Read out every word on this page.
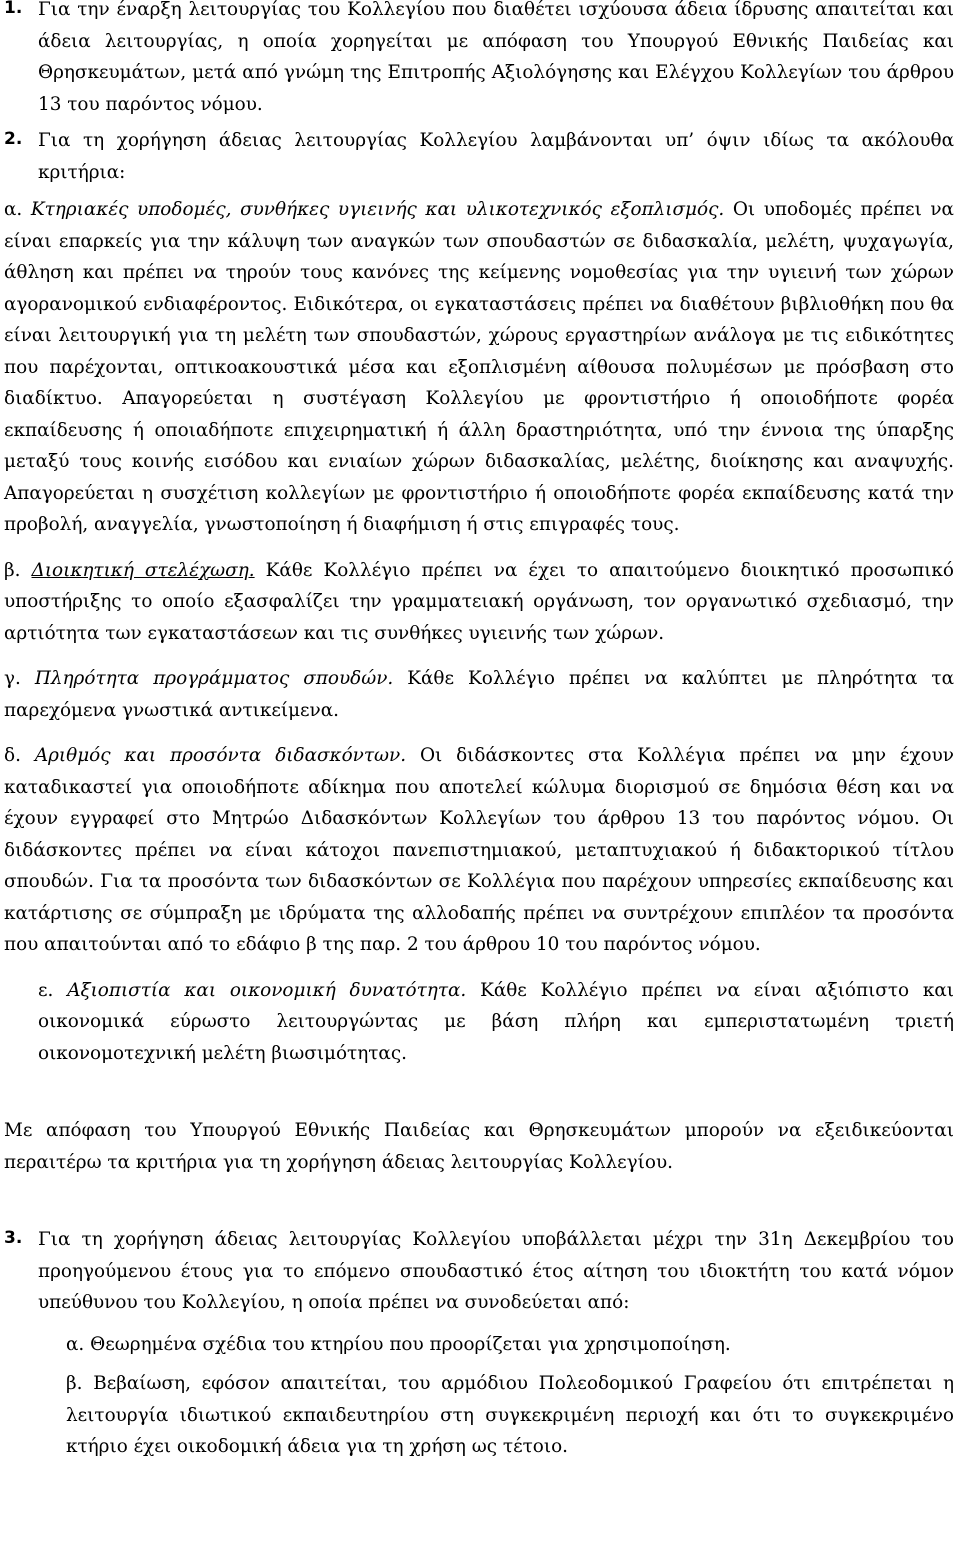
1. Για την έναρξη λειτουργίας του Κολλεγίου που διαθέτει ισχύουσα άδεια ίδρυσης απαιτείται και άδεια λειτουργίας, η οποία χορηγείται με απόφαση του Υπουργού Εθνικής Παιδείας και Θρησκευμάτων, μετά από γνώμη της Επιτροπής Αξιολόγησης και Ελέγχου Κολλεγίων του άρθρου 13 του παρόντος νόμου.

2. Για τη χορήγηση άδειας λειτουργίας Κολλεγίου λαμβάνονται υπ’ όψιν ιδίως τα ακόλουθα κριτήρια:

α. Κτηριακές υποδομές, συνθήκες υγιεινής και υλικοτεχνικός εξοπλισμός. Οι υποδομές πρέπει να είναι επαρκείς για την κάλυψη των αναγκών των σπουδαστών σε διδασκαλία, μελέτη, ψυχαγωγία, άθληση και πρέπει να τηρούν τους κανόνες της κείμενης νομοθεσίας για την υγιεινή των χώρων αγορανομικού ενδιαφέροντος. Ειδικότερα, οι εγκαταστάσεις πρέπει να διαθέτουν βιβλιοθήκη που θα είναι λειτουργική για τη μελέτη των σπουδαστών, χώρους εργαστηρίων ανάλογα με τις ειδικότητες που παρέχονται, οπτικοακουστικά μέσα και εξοπλισμένη αίθουσα πολυμέσων με πρόσβαση στο διαδίκτυο. Απαγορεύεται η συστέγαση Κολλεγίου με φροντιστήριο ή οποιοδήποτε φορέα εκπαίδευσης ή οποιαδήποτε επιχειρηματική ή άλλη δραστηριότητα, υπό την έννοια της ύπαρξης μεταξύ τους κοινής εισόδου και ενιαίων χώρων διδασκαλίας, μελέτης, διοίκησης και αναψυχής. Απαγορεύεται η συσχέτιση κολλεγίων με φροντιστήριο ή οποιοδήποτε φορέα εκπαίδευσης κατά την προβολή, αναγγελία, γνωστοποίηση ή διαφήμιση ή στις επιγραφές τους.

β. Διοικητική στελέχωση. Κάθε Κολλέγιο πρέπει να έχει το απαιτούμενο διοικητικό προσωπικό υποστήριξης το οποίο εξασφαλίζει την γραμματειακή οργάνωση, τον οργανωτικό σχεδιασμό, την αρτιότητα των εγκαταστάσεων και τις συνθήκες υγιεινής των χώρων.

γ. Πληρότητα προγράμματος σπουδών. Κάθε Κολλέγιο πρέπει να καλύπτει με πληρότητα τα παρεχόμενα γνωστικά αντικείμενα.

δ. Αριθμός και προσόντα διδασκόντων. Οι διδάσκοντες στα Κολλέγια πρέπει να μην έχουν καταδικαστεί για οποιοδήποτε αδίκημα που αποτελεί κώλυμα διορισμού σε δημόσια θέση και να έχουν εγγραφεί στο Μητρώο Διδασκόντων Κολλεγίων του άρθρου 13 του παρόντος νόμου. Οι διδάσκοντες πρέπει να είναι κάτοχοι πανεπιστημιακού, μεταπτυχιακού ή διδακτορικού τίτλου σπουδών. Για τα προσόντα των διδασκόντων σε Κολλέγια που παρέχουν υπηρεσίες εκπαίδευσης και κατάρτισης σε σύμπραξη με ιδρύματα της αλλοδαπής πρέπει να συντρέχουν επιπλέον τα προσόντα που απαιτούνται από το εδάφιο β της παρ. 2 του άρθρου 10 του παρόντος νόμου.

ε. Αξιοπιστία και οικονομική δυνατότητα. Κάθε Κολλέγιο πρέπει να είναι αξιόπιστο και οικονομικά εύρωστο λειτουργώντας με βάση πλήρη και εμπεριστατωμένη τριετή οικονομοτεχνική μελέτη βιωσιμότητας.

Με απόφαση του Υπουργού Εθνικής Παιδείας και Θρησκευμάτων μπορούν να εξειδικεύονται περαιτέρω τα κριτήρια για τη χορήγηση άδειας λειτουργίας Κολλεγίου.

3. Για τη χορήγηση άδειας λειτουργίας Κολλεγίου υποβάλλεται μέχρι την 31η Δεκεμβρίου του προηγούμενου έτους για το επόμενο σπουδαστικό έτος αίτηση του ιδιοκτήτη του κατά νόμον υπεύθυνου του Κολλεγίου, η οποία πρέπει να συνοδεύεται από:

α. Θεωρημένα σχέδια του κτηρίου που προορίζεται για χρησιμοποίηση.

β. Βεβαίωση, εφόσον απαιτείται, του αρμόδιου Πολεοδομικού Γραφείου ότι επιτρέπεται η λειτουργία ιδιωτικού εκπαιδευτηρίου στη συγκεκριμένη περιοχή και ότι το συγκεκριμένο κτήριο έχει οικοδομική άδεια για τη χρήση ως τέτοιο.
